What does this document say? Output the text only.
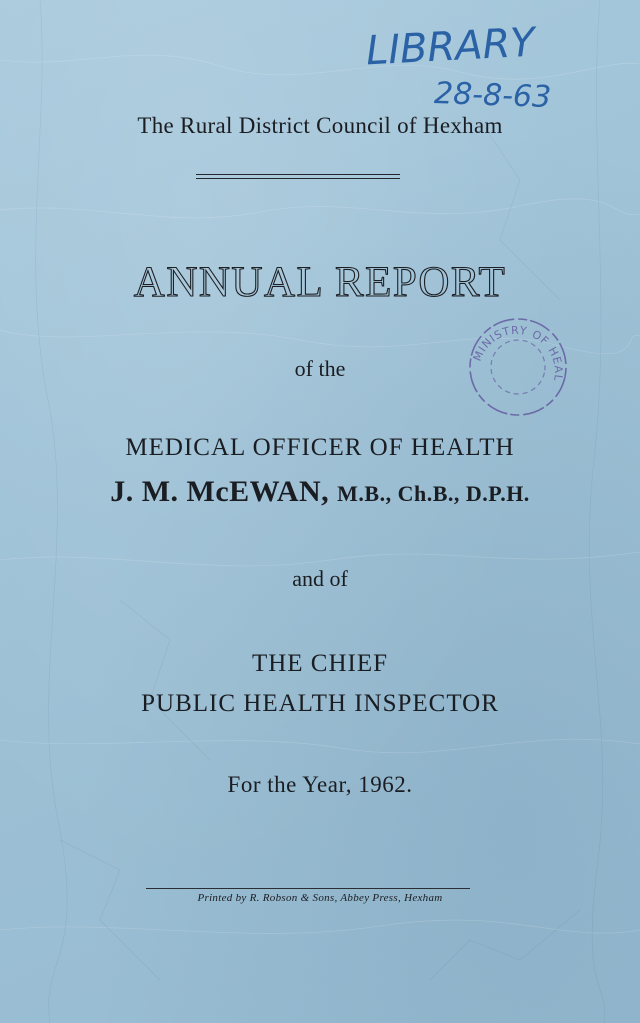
LIBRARY
28-8-63
The Rural District Council of Hexham
ANNUAL REPORT
MINISTRY OF HEALTH
of the
MEDICAL OFFICER OF HEALTH
J. M. McEWAN, M.B., Ch.B., D.P.H.
and of
THE CHIEF
PUBLIC HEALTH INSPECTOR
For the Year, 1962.
Printed by R. Robson & Sons, Abbey Press, Hexham
